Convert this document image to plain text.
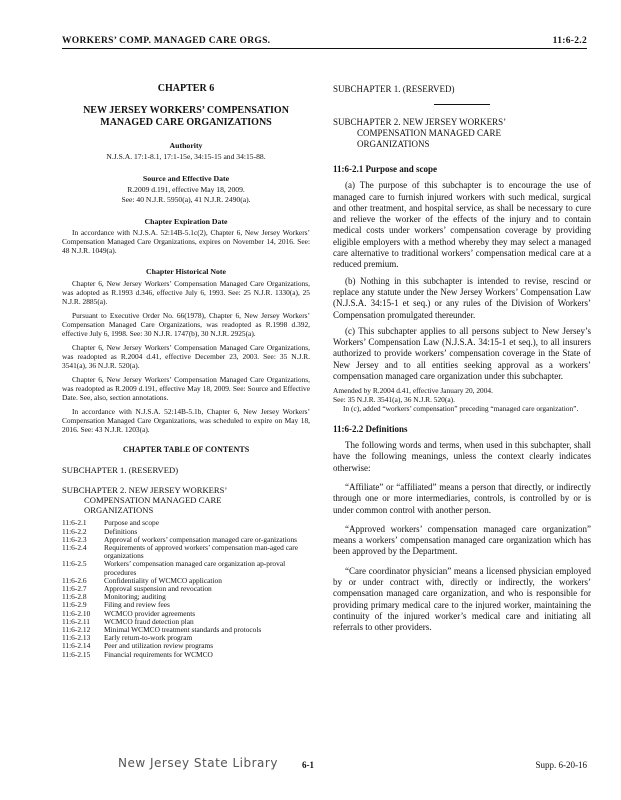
WORKERS’ COMP. MANAGED CARE ORGS.	11:6-2.2
CHAPTER 6
NEW JERSEY WORKERS’ COMPENSATION
MANAGED CARE ORGANIZATIONS
Authority
N.J.S.A. 17:1-8.1, 17:1-15e, 34:15-15 and 34:15-88.
Source and Effective Date
R.2009 d.191, effective May 18, 2009.
See: 40 N.J.R. 5950(a), 41 N.J.R. 2490(a).
Chapter Expiration Date
In accordance with N.J.S.A. 52:14B-5.1c(2), Chapter 6, New Jersey Workers’ Compensation Managed Care Organizations, expires on November 14, 2016. See: 48 N.J.R. 1049(a).
Chapter Historical Note
Chapter 6, New Jersey Workers’ Compensation Managed Care Organizations, was adopted as R.1993 d.346, effective July 6, 1993. See: 25 N.J.R. 1330(a), 25 N.J.R. 2885(a).
Pursuant to Executive Order No. 66(1978), Chapter 6, New Jersey Workers’ Compensation Managed Care Organizations, was readopted as R.1998 d.392, effective July 6, 1998. See: 30 N.J.R. 1747(b), 30 N.J.R. 2925(a).
Chapter 6, New Jersey Workers’ Compensation Managed Care Organizations, was readopted as R.2004 d.41, effective December 23, 2003. See: 35 N.J.R. 3541(a), 36 N.J.R. 520(a).
Chapter 6, New Jersey Workers’ Compensation Managed Care Organizations, was readopted as R.2009 d.191, effective May 18, 2009. See: Source and Effective Date. See, also, section annotations.
In accordance with N.J.S.A. 52:14B-5.1b, Chapter 6, New Jersey Workers’ Compensation Managed Care Organizations, was scheduled to expire on May 18, 2016. See: 43 N.J.R. 1203(a).
CHAPTER TABLE OF CONTENTS
SUBCHAPTER 1. (RESERVED)
SUBCHAPTER 2. NEW JERSEY WORKERS’
COMPENSATION MANAGED CARE
ORGANIZATIONS
11:6-2.1	Purpose and scope
11:6-2.2	Definitions
11:6-2.3	Approval of workers’ compensation managed care or-ganizations
11:6-2.4	Requirements of approved workers’ compensation man-aged care organizations
11:6-2.5	Workers’ compensation managed care organization ap-proval procedures
11:6-2.6	Confidentiality of WCMCO application
11:6-2.7	Approval suspension and revocation
11:6-2.8	Monitoring; auditing
11:6-2.9	Filing and review fees
11:6-2.10	WCMCO provider agreements
11:6-2.11	WCMCO fraud detection plan
11:6-2.12	Minimal WCMCO treatment standards and protocols
11:6-2.13	Early return-to-work program
11:6-2.14	Peer and utilization review programs
11:6-2.15	Financial requirements for WCMCO
SUBCHAPTER 1. (RESERVED)
SUBCHAPTER 2. NEW JERSEY WORKERS’
COMPENSATION MANAGED CARE
ORGANIZATIONS
11:6-2.1 Purpose and scope
(a) The purpose of this subchapter is to encourage the use of managed care to furnish injured workers with such medical, surgical and other treatment, and hospital service, as shall be necessary to cure and relieve the worker of the effects of the injury and to contain medical costs under workers’ compensation coverage by providing eligible employers with a method whereby they may select a managed care alternative to traditional workers’ compensation medical care at a reduced premium.
(b) Nothing in this subchapter is intended to revise, rescind or replace any statute under the New Jersey Workers’ Compensation Law (N.J.S.A. 34:15-1 et seq.) or any rules of the Division of Workers’ Compensation promulgated thereunder.
(c) This subchapter applies to all persons subject to New Jersey’s Workers’ Compensation Law (N.J.S.A. 34:15-1 et seq.), to all insurers authorized to provide workers’ compensation coverage in the State of New Jersey and to all entities seeking approval as a workers’ compensation managed care organization under this subchapter.
Amended by R.2004 d.41, effective January 20, 2004.
See: 35 N.J.R. 3541(a), 36 N.J.R. 520(a).
In (c), added “workers’ compensation” preceding “managed care organization”.
11:6-2.2 Definitions
The following words and terms, when used in this subchapter, shall have the following meanings, unless the context clearly indicates otherwise:
“Affiliate” or “affiliated” means a person that directly, or indirectly through one or more intermediaries, controls, is controlled by or is under common control with another person.
“Approved workers’ compensation managed care organization” means a workers’ compensation managed care organization which has been approved by the Department.
“Care coordinator physician” means a licensed physician employed by or under contract with, directly or indirectly, the workers’ compensation managed care organization, and who is responsible for providing primary medical care to the injured worker, maintaining the continuity of the injured worker’s medical care and initiating all referrals to other providers.
New Jersey State Library	6-1	Supp. 6-20-16
